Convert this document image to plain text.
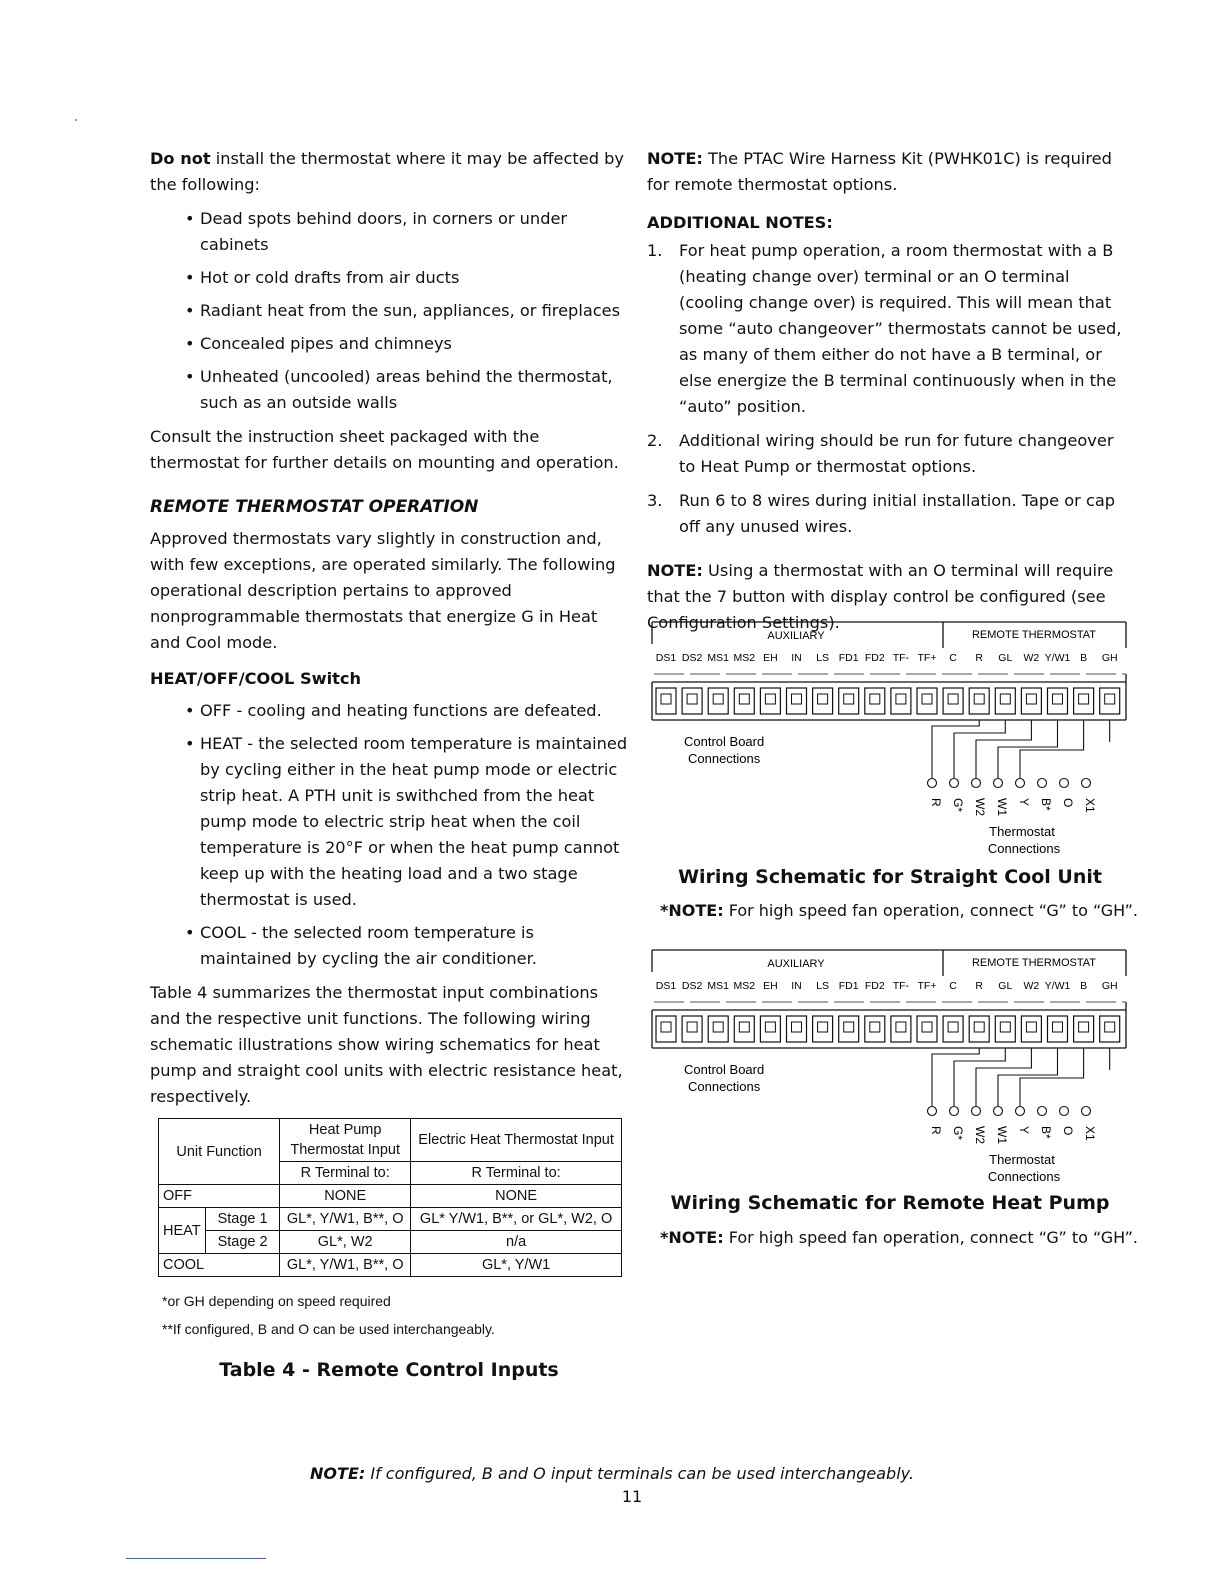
Do not install the thermostat where it may be affected by the following:

• Dead spots behind doors, in corners or under cabinets
• Hot or cold drafts from air ducts
• Radiant heat from the sun, appliances, or fireplaces
• Concealed pipes and chimneys
• Unheated (uncooled) areas behind the thermostat, such as an outside walls

Consult the instruction sheet packaged with the thermostat for further details on mounting and operation.

REMOTE THERMOSTAT OPERATION

Approved thermostats vary slightly in construction and, with few exceptions, are operated similarly. The following operational description pertains to approved nonprogrammable thermostats that energize G in Heat and Cool mode.

HEAT/OFF/COOL Switch
• OFF - cooling and heating functions are defeated.
• HEAT - the selected room temperature is maintained by cycling either in the heat pump mode or electric strip heat. A PTH unit is swithched from the heat pump mode to electric strip heat when the coil temperature is 20°F or when the heat pump cannot keep up with the heating load and a two stage thermostat is used.
• COOL - the selected room temperature is maintained by cycling the air conditioner.

Table 4 summarizes the thermostat input combinations and the respective unit functions. The following wiring schematic illustrations show wiring schematics for heat pump and straight cool units with electric resistance heat, respectively.

Unit Function		Heat Pump Thermostat Input	Electric Heat Thermostat Input
		R Terminal to:	R Terminal to:
OFF		NONE	NONE
HEAT	Stage 1	GL*, Y/W1, B**, O	GL* Y/W1, B**, or GL*, W2, O
	Stage 2	GL*, W2	n/a
COOL		GL*, Y/W1, B**, O	GL*, Y/W1
*or GH depending on speed required
**If configured, B and O can be used interchangeably.
Table 4 - Remote Control Inputs

NOTE: The PTAC Wire Harness Kit (PWHK01C) is required for remote thermostat options.

ADDITIONAL NOTES:
1. For heat pump operation, a room thermostat with a B (heating change over) terminal or an O terminal (cooling change over) is required. This will mean that some “auto changeover” thermostats cannot be used, as many of them either do not have a B terminal, or else energize the B terminal continuously when in the “auto” position.
2. Additional wiring should be run for future changeover to Heat Pump or thermostat options.
3. Run 6 to 8 wires during initial installation. Tape or cap off any unused wires.

NOTE: Using a thermostat with an O terminal will require that the 7 button with display control be configured (see Configuration Settings).

AUXILIARY	REMOTE THERMOSTAT
DS1 DS2 MS1 MS2 EH IN LS FD1 FD2 TF- TF+ C R GL W2 Y/W1 B GH
Control Board
Connections
R G* W2 W1 Y B* O X1
Thermostat
Connections
Wiring Schematic for Straight Cool Unit
*NOTE: For high speed fan operation, connect “G” to “GH”.
AUXILIARY	REMOTE THERMOSTAT
DS1 DS2 MS1 MS2 EH IN LS FD1 FD2 TF- TF+ C R GL W2 Y/W1 B GH
Control Board
Connections
R G* W2 W1 Y B* O X1
Thermostat
Connections
Wiring Schematic for Remote Heat Pump
*NOTE: For high speed fan operation, connect “G” to “GH”.
NOTE: If configured, B and O input terminals can be used interchangeably.
11
